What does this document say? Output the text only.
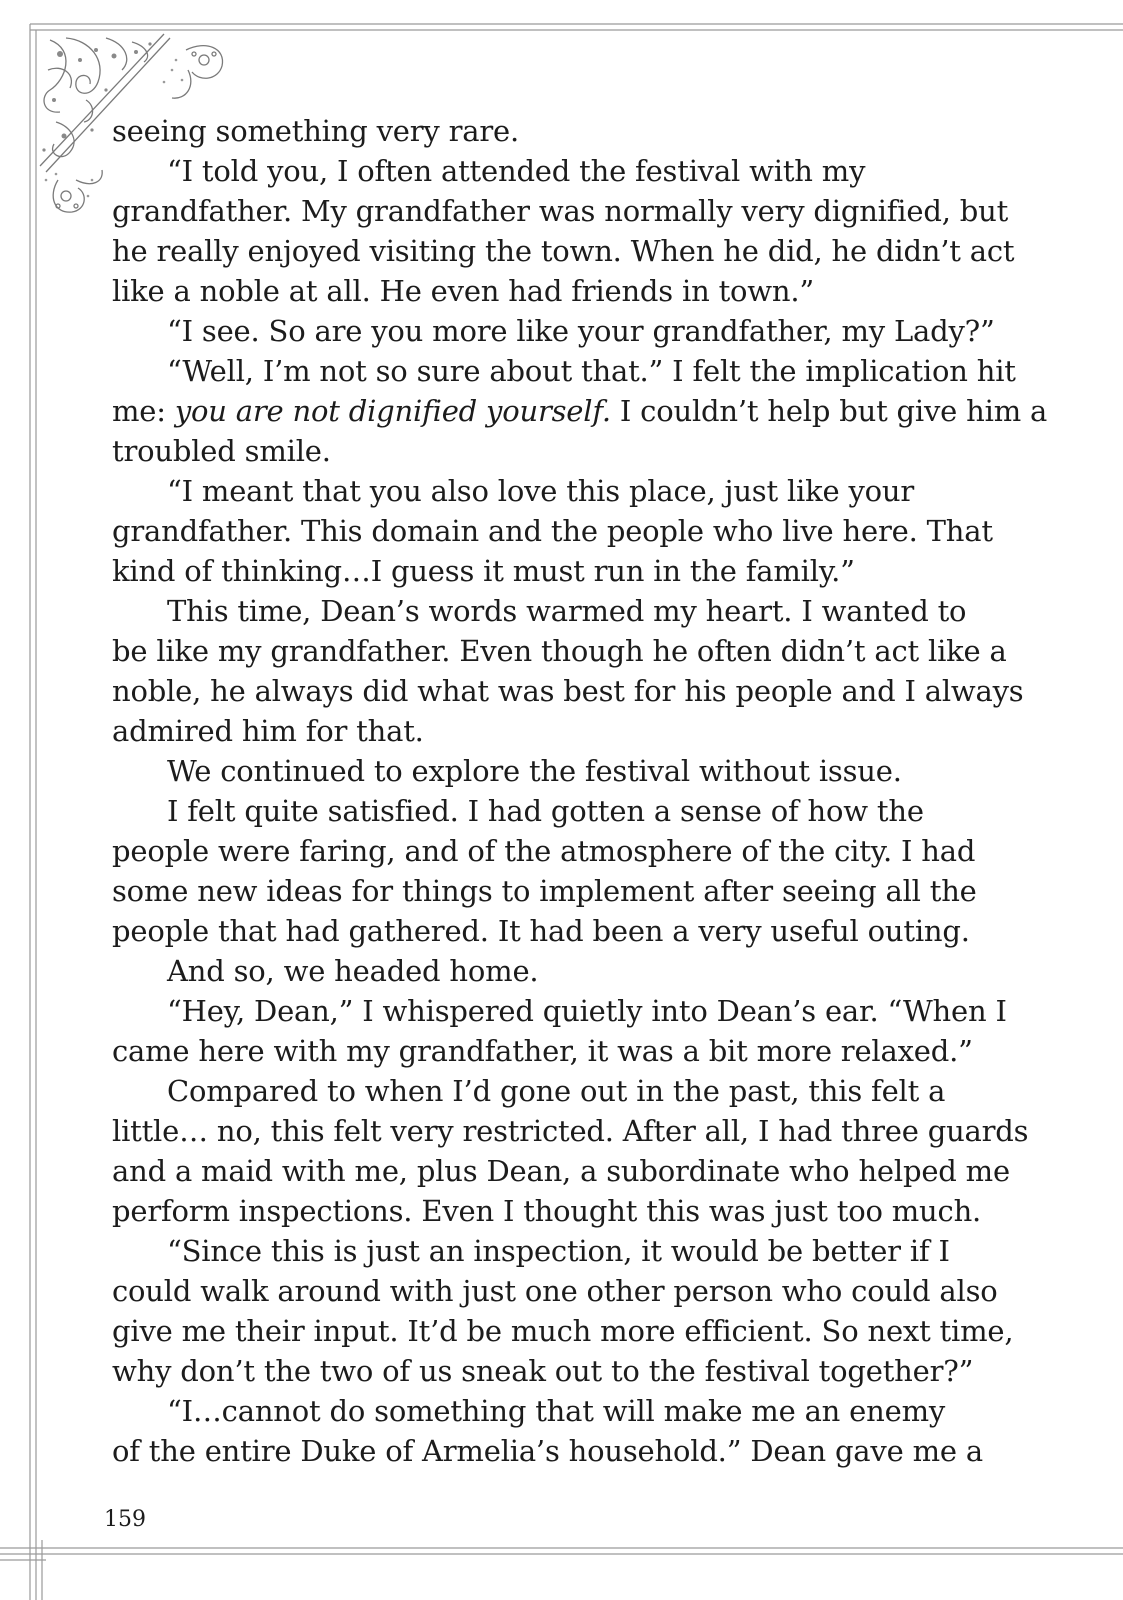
seeing something very rare.

“I told you, I often attended the festival with my

grandfather. My grandfather was normally very dignified, but

he really enjoyed visiting the town. When he did, he didn’t act

like a noble at all. He even had friends in town.”

“I see. So are you more like your grandfather, my Lady?”

“Well, I’m not so sure about that.” I felt the implication hit

me: you are not dignified yourself. I couldn’t help but give him a

troubled smile.

“I meant that you also love this place, just like your

grandfather. This domain and the people who live here. That

kind of thinking…I guess it must run in the family.”

This time, Dean’s words warmed my heart. I wanted to

be like my grandfather. Even though he often didn’t act like a

noble, he always did what was best for his people and I always

admired him for that.

We continued to explore the festival without issue.

I felt quite satisfied. I had gotten a sense of how the

people were faring, and of the atmosphere of the city. I had

some new ideas for things to implement after seeing all the

people that had gathered. It had been a very useful outing.

And so, we headed home.

“Hey, Dean,” I whispered quietly into Dean’s ear. “When I

came here with my grandfather, it was a bit more relaxed.”

Compared to when I’d gone out in the past, this felt a

little… no, this felt very restricted. After all, I had three guards

and a maid with me, plus Dean, a subordinate who helped me

perform inspections. Even I thought this was just too much.

“Since this is just an inspection, it would be better if I

could walk around with just one other person who could also

give me their input. It’d be much more efficient. So next time,

why don’t the two of us sneak out to the festival together?”

“I…cannot do something that will make me an enemy

of the entire Duke of Armelia’s household.” Dean gave me a

159
